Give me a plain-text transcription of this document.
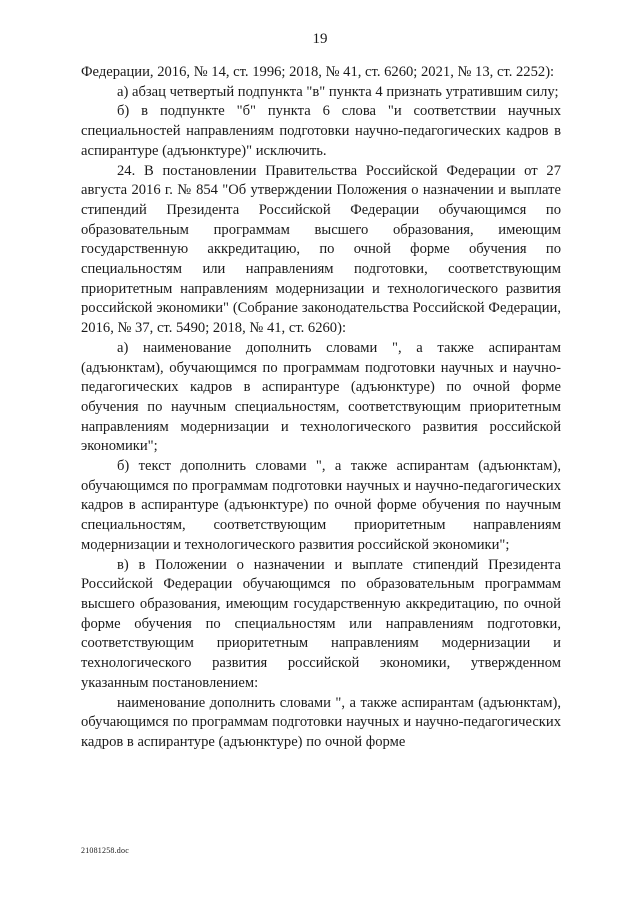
19

Федерации, 2016, № 14, ст. 1996; 2018, № 41, ст. 6260; 2021, № 13, ст. 2252):

а) абзац четвертый подпункта "в" пункта 4 признать утратившим силу;

б) в подпункте "б" пункта 6 слова "и соответствии научных специальностей направлениям подготовки научно-педагогических кадров в аспирантуре (адъюнктуре)" исключить.

24. В постановлении Правительства Российской Федерации от 27 августа 2016 г. № 854 "Об утверждении Положения о назначении и выплате стипендий Президента Российской Федерации обучающимся по образовательным программам высшего образования, имеющим государственную аккредитацию, по очной форме обучения по специальностям или направлениям подготовки, соответствующим приоритетным направлениям модернизации и технологического развития российской экономики" (Собрание законодательства Российской Федерации, 2016, № 37, ст. 5490; 2018, № 41, ст. 6260):

а) наименование дополнить словами ", а также аспирантам (адъюнктам), обучающимся по программам подготовки научных и научно-педагогических кадров в аспирантуре (адъюнктуре) по очной форме обучения по научным специальностям, соответствующим приоритетным направлениям модернизации и технологического развития российской экономики";

б) текст дополнить словами ", а также аспирантам (адъюнктам), обучающимся по программам подготовки научных и научно-педагогических кадров в аспирантуре (адъюнктуре) по очной форме обучения по научным специальностям, соответствующим приоритетным направлениям модернизации и технологического развития российской экономики";

в) в Положении о назначении и выплате стипендий Президента Российской Федерации обучающимся по образовательным программам высшего образования, имеющим государственную аккредитацию, по очной форме обучения по специальностям или направлениям подготовки, соответствующим приоритетным направлениям модернизации и технологического развития российской экономики, утвержденном указанным постановлением:

наименование дополнить словами ", а также аспирантам (адъюнктам), обучающимся по программам подготовки научных и научно-педагогических кадров в аспирантуре (адъюнктуре) по очной форме

21081258.doc
